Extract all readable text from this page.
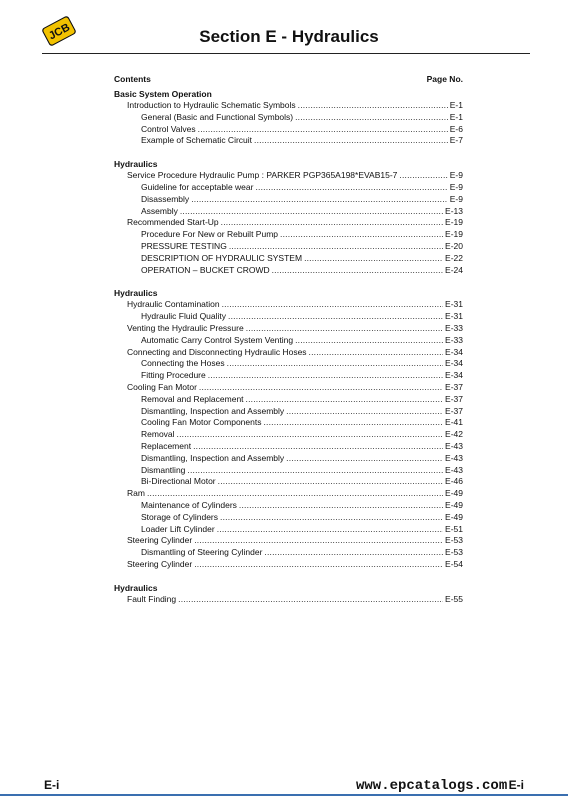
JCB	Section E - Hydraulics
Contents	Page No.
Basic System Operation
Introduction to Hydraulic Schematic Symbols .....	E-1
General (Basic and Functional Symbols) .....	E-1
Control Valves .....	E-6
Example of Schematic Circuit .....	E-7
Hydraulics
Service Procedure Hydraulic Pump : PARKER PGP365A198*EVAB15-7 .....	E-9
Guideline for acceptable wear .....	E-9
Disassembly .....	E-9
Assembly .....	E-13
Recommended Start-Up .....	E-19
Procedure For New or Rebuilt Pump .....	E-19
PRESSURE TESTING .....	E-20
DESCRIPTION OF HYDRAULIC SYSTEM .....	E-22
OPERATION – BUCKET CROWD .....	E-24
Hydraulics
Hydraulic Contamination .....	E-31
Hydraulic Fluid Quality .....	E-31
Venting the Hydraulic Pressure .....	E-33
Automatic Carry Control System Venting .....	E-33
Connecting and Disconnecting Hydraulic Hoses .....	E-34
Connecting the Hoses .....	E-34
Fitting Procedure .....	E-34
Cooling Fan Motor .....	E-37
Removal and Replacement .....	E-37
Dismantling, Inspection and Assembly .....	E-37
Cooling Fan Motor Components .....	E-41
Removal .....	E-42
Replacement .....	E-43
Dismantling, Inspection and Assembly .....	E-43
Dismantling .....	E-43
Bi-Directional Motor .....	E-46
Ram .....	E-49
Maintenance of Cylinders .....	E-49
Storage of Cylinders .....	E-49
Loader Lift Cylinder .....	E-51
Steering Cylinder .....	E-53
Dismantling of Steering Cylinder .....	E-53
Steering Cylinder .....	E-54
Hydraulics
Fault Finding .....	E-55
E-i	www.epcatalogs.com E-i
